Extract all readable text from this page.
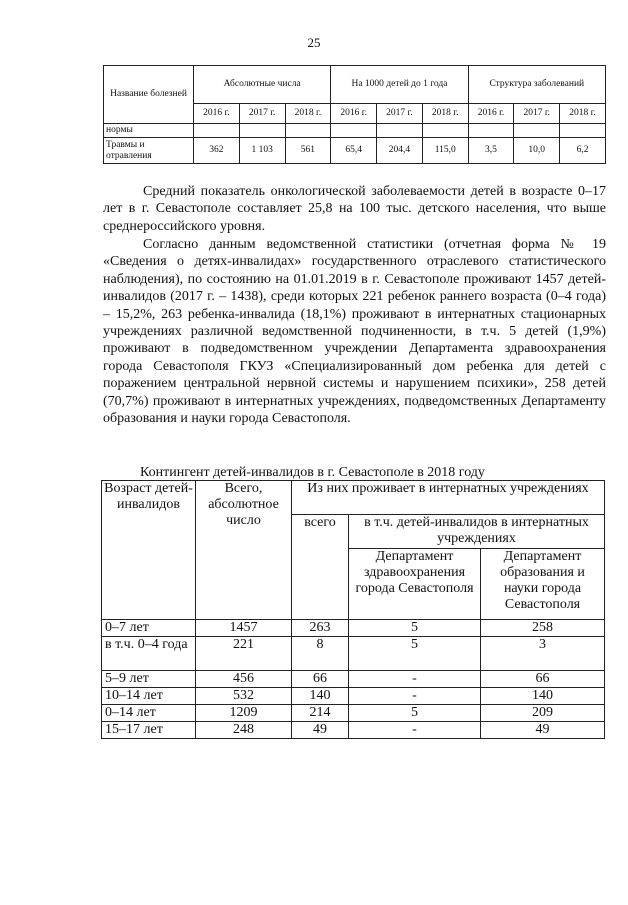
25
Название болезней	Абсолютные числа			На 1000 детей до 1 года			Структура заболеваний		
	2016 г.	2017 г.	2018 г.	2016 г.	2017 г.	2018 г.	2016 г.	2017 г.	2018 г.
нормы									
Травмы и отравления	362	1 103	561	65,4	204,4	115,0	3,5	10,0	6,2
Средний показатель онкологической заболеваемости детей в возрасте 0–17 лет в г. Севастополе составляет 25,8 на 100 тыс. детского населения, что выше среднероссийского уровня.
Согласно данным ведомственной статистики (отчетная форма № 19 «Сведения о детях-инвалидах» государственного отраслевого статистического наблюдения), по состоянию на 01.01.2019 в г. Севастополе проживают 1457 детей-инвалидов (2017 г. – 1438), среди которых 221 ребенок раннего возраста (0–4 года) – 15,2%, 263 ребенка-инвалида (18,1%) проживают в интернатных стационарных учреждениях различной ведомственной подчиненности, в т.ч. 5 детей (1,9%) проживают в подведомственном учреждении Департамента здравоохранения города Севастополя ГКУЗ «Специализированный дом ребенка для детей с поражением центральной нервной системы и нарушением психики», 258 детей (70,7%) проживают в интернатных учреждениях, подведомственных Департаменту образования и науки города Севастополя.
Контингент детей-инвалидов в г. Севастополе в 2018 году
Возраст детей-инвалидов	Всего, абсолютное число	Из них проживает в интернатных учреждениях		
		всего	в т.ч. детей-инвалидов в интернатных учреждениях	
			Департамент здравоохранения города Севастополя	Департамент образования и науки города Севастополя
0–7 лет	1457	263	5	258
в т.ч. 0–4 года	221	8	5	3
5–9 лет	456	66	-	66
10–14 лет	532	140	-	140
0–14 лет	1209	214	5	209
15–17 лет	248	49	-	49
